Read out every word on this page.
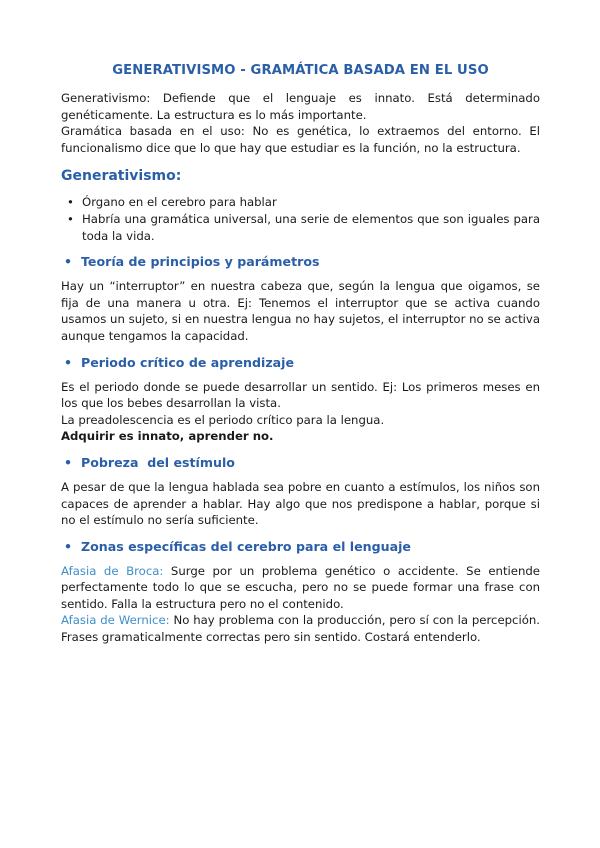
GENERATIVISMO - GRAMÁTICA BASADA EN EL USO

Generativismo: Defiende que el lenguaje es innato. Está determinado genéticamente. La estructura es lo más importante.

Gramática basada en el uso: No es genética, lo extraemos del entorno. El funcionalismo dice que lo que hay que estudiar es la función, no la estructura.

Generativismo:
• Órgano en el cerebro para hablar
• Habría una gramática universal, una serie de elementos que son iguales para toda la vida.
• Teoría de principios y parámetros

Hay un “interruptor” en nuestra cabeza que, según la lengua que oigamos, se fija de una manera u otra. Ej: Tenemos el interruptor que se activa cuando usamos un sujeto, si en nuestra lengua no hay sujetos, el interruptor no se activa aunque tengamos la capacidad.

• Periodo crítico de aprendizaje

Es el periodo donde se puede desarrollar un sentido. Ej: Los primeros meses en los que los bebes desarrollan la vista.

La preadolescencia es el periodo crítico para la lengua.

Adquirir es innato, aprender no.

• Pobreza  del estímulo

A pesar de que la lengua hablada sea pobre en cuanto a estímulos, los niños son capaces de aprender a hablar. Hay algo que nos predispone a hablar, porque si no el estímulo no sería suficiente.

• Zonas específicas del cerebro para el lenguaje

Afasia de Broca: Surge por un problema genético o accidente. Se entiende perfectamente todo lo que se escucha, pero no se puede formar una frase con sentido. Falla la estructura pero no el contenido.

Afasia de Wernice: No hay problema con la producción, pero sí con la percepción. Frases gramaticalmente correctas pero sin sentido. Costará entenderlo.
